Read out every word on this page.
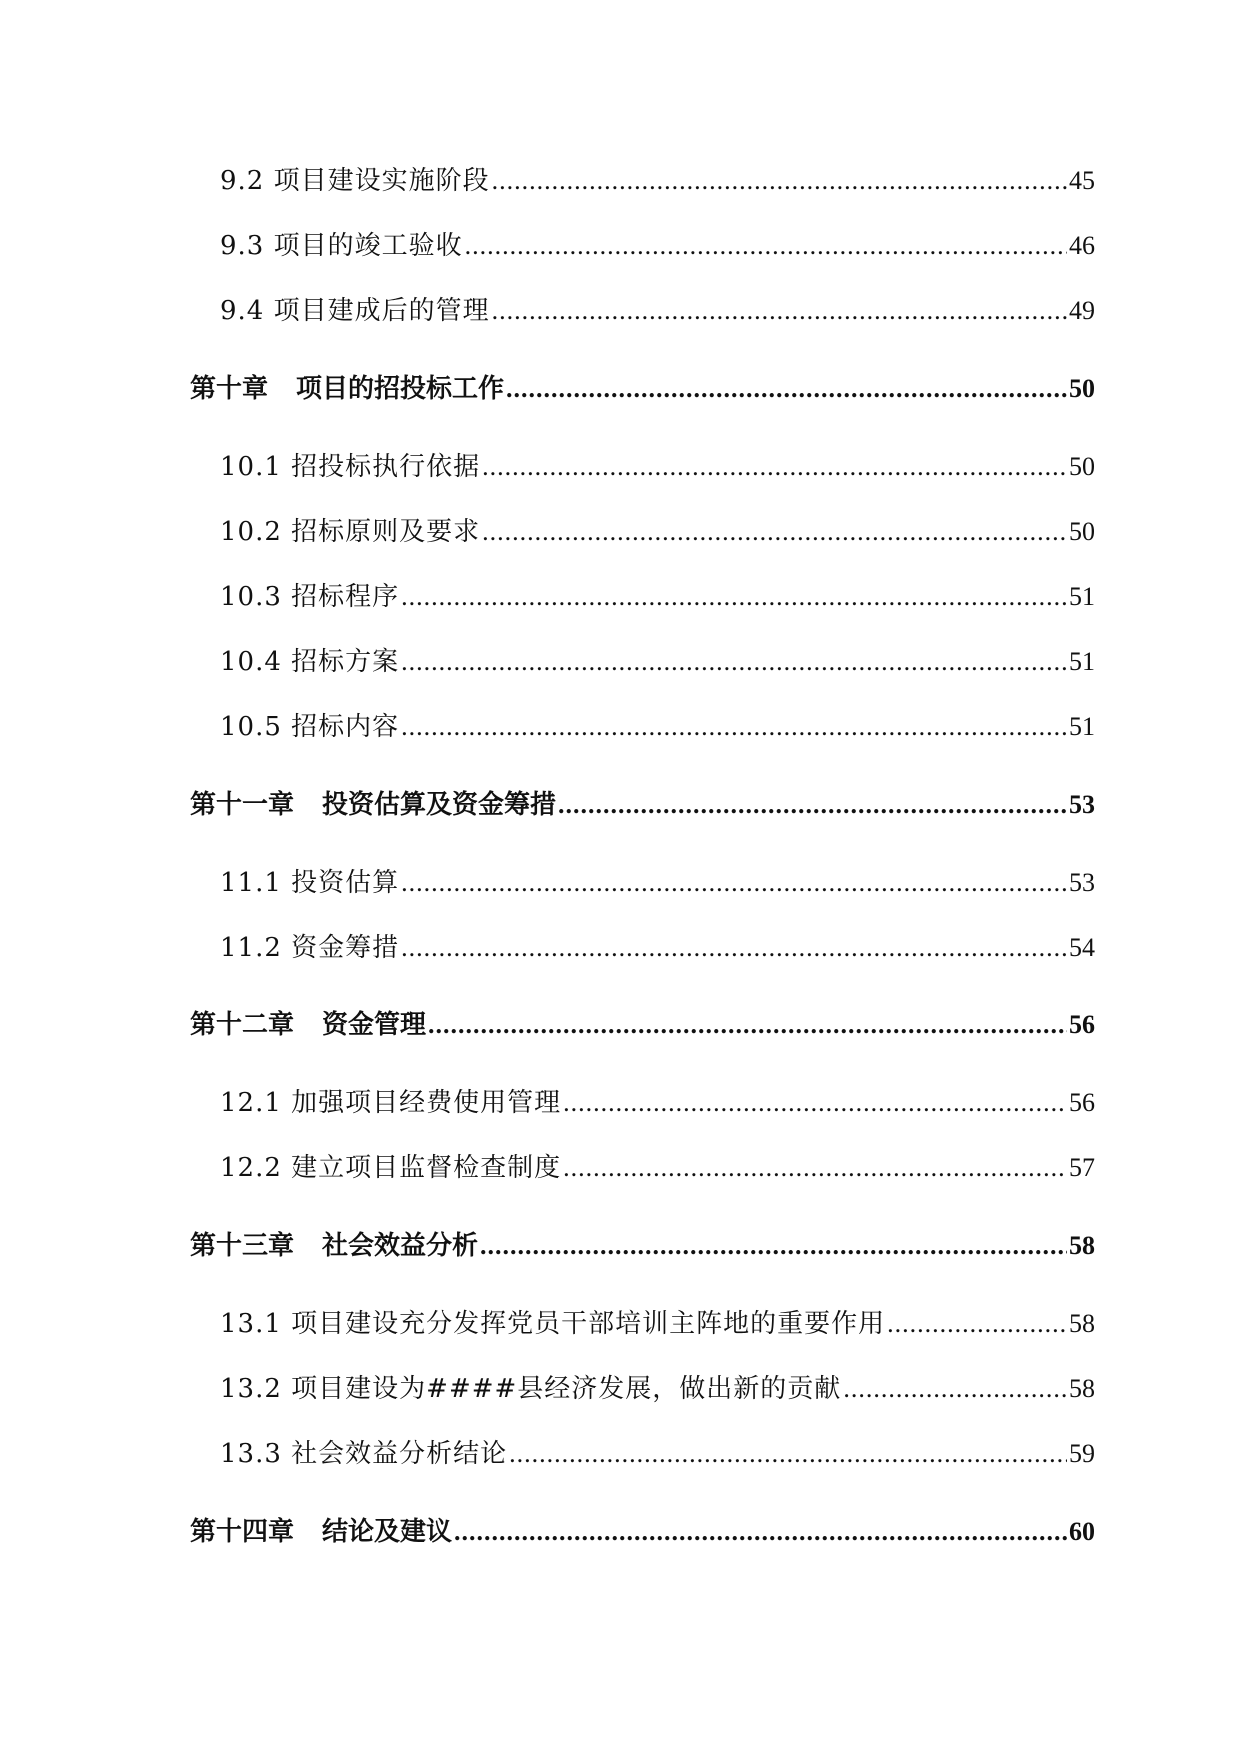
9.2 项目建设实施阶段 .....	45
9.3 项目的竣工验收 .....	46
9.4 项目建成后的管理 .....	49
第十章 项目的招投标工作 .....	50
10.1 招投标执行依据 .....	50
10.2 招标原则及要求 .....	50
10.3 招标程序 .....	51
10.4 招标方案 .....	51
10.5 招标内容 .....	51
第十一章 投资估算及资金筹措 .....	53
11.1 投资估算 .....	53
11.2 资金筹措 .....	54
第十二章 资金管理 .....	56
12.1 加强项目经费使用管理 .....	56
12.2 建立项目监督检查制度 .....	57
第十三章 社会效益分析 .....	58
13.1 项目建设充分发挥党员干部培训主阵地的重要作用 .....	58
13.2 项目建设为####县经济发展，做出新的贡献 .....	58
13.3 社会效益分析结论 .....	59
第十四章 结论及建议 .....	60
